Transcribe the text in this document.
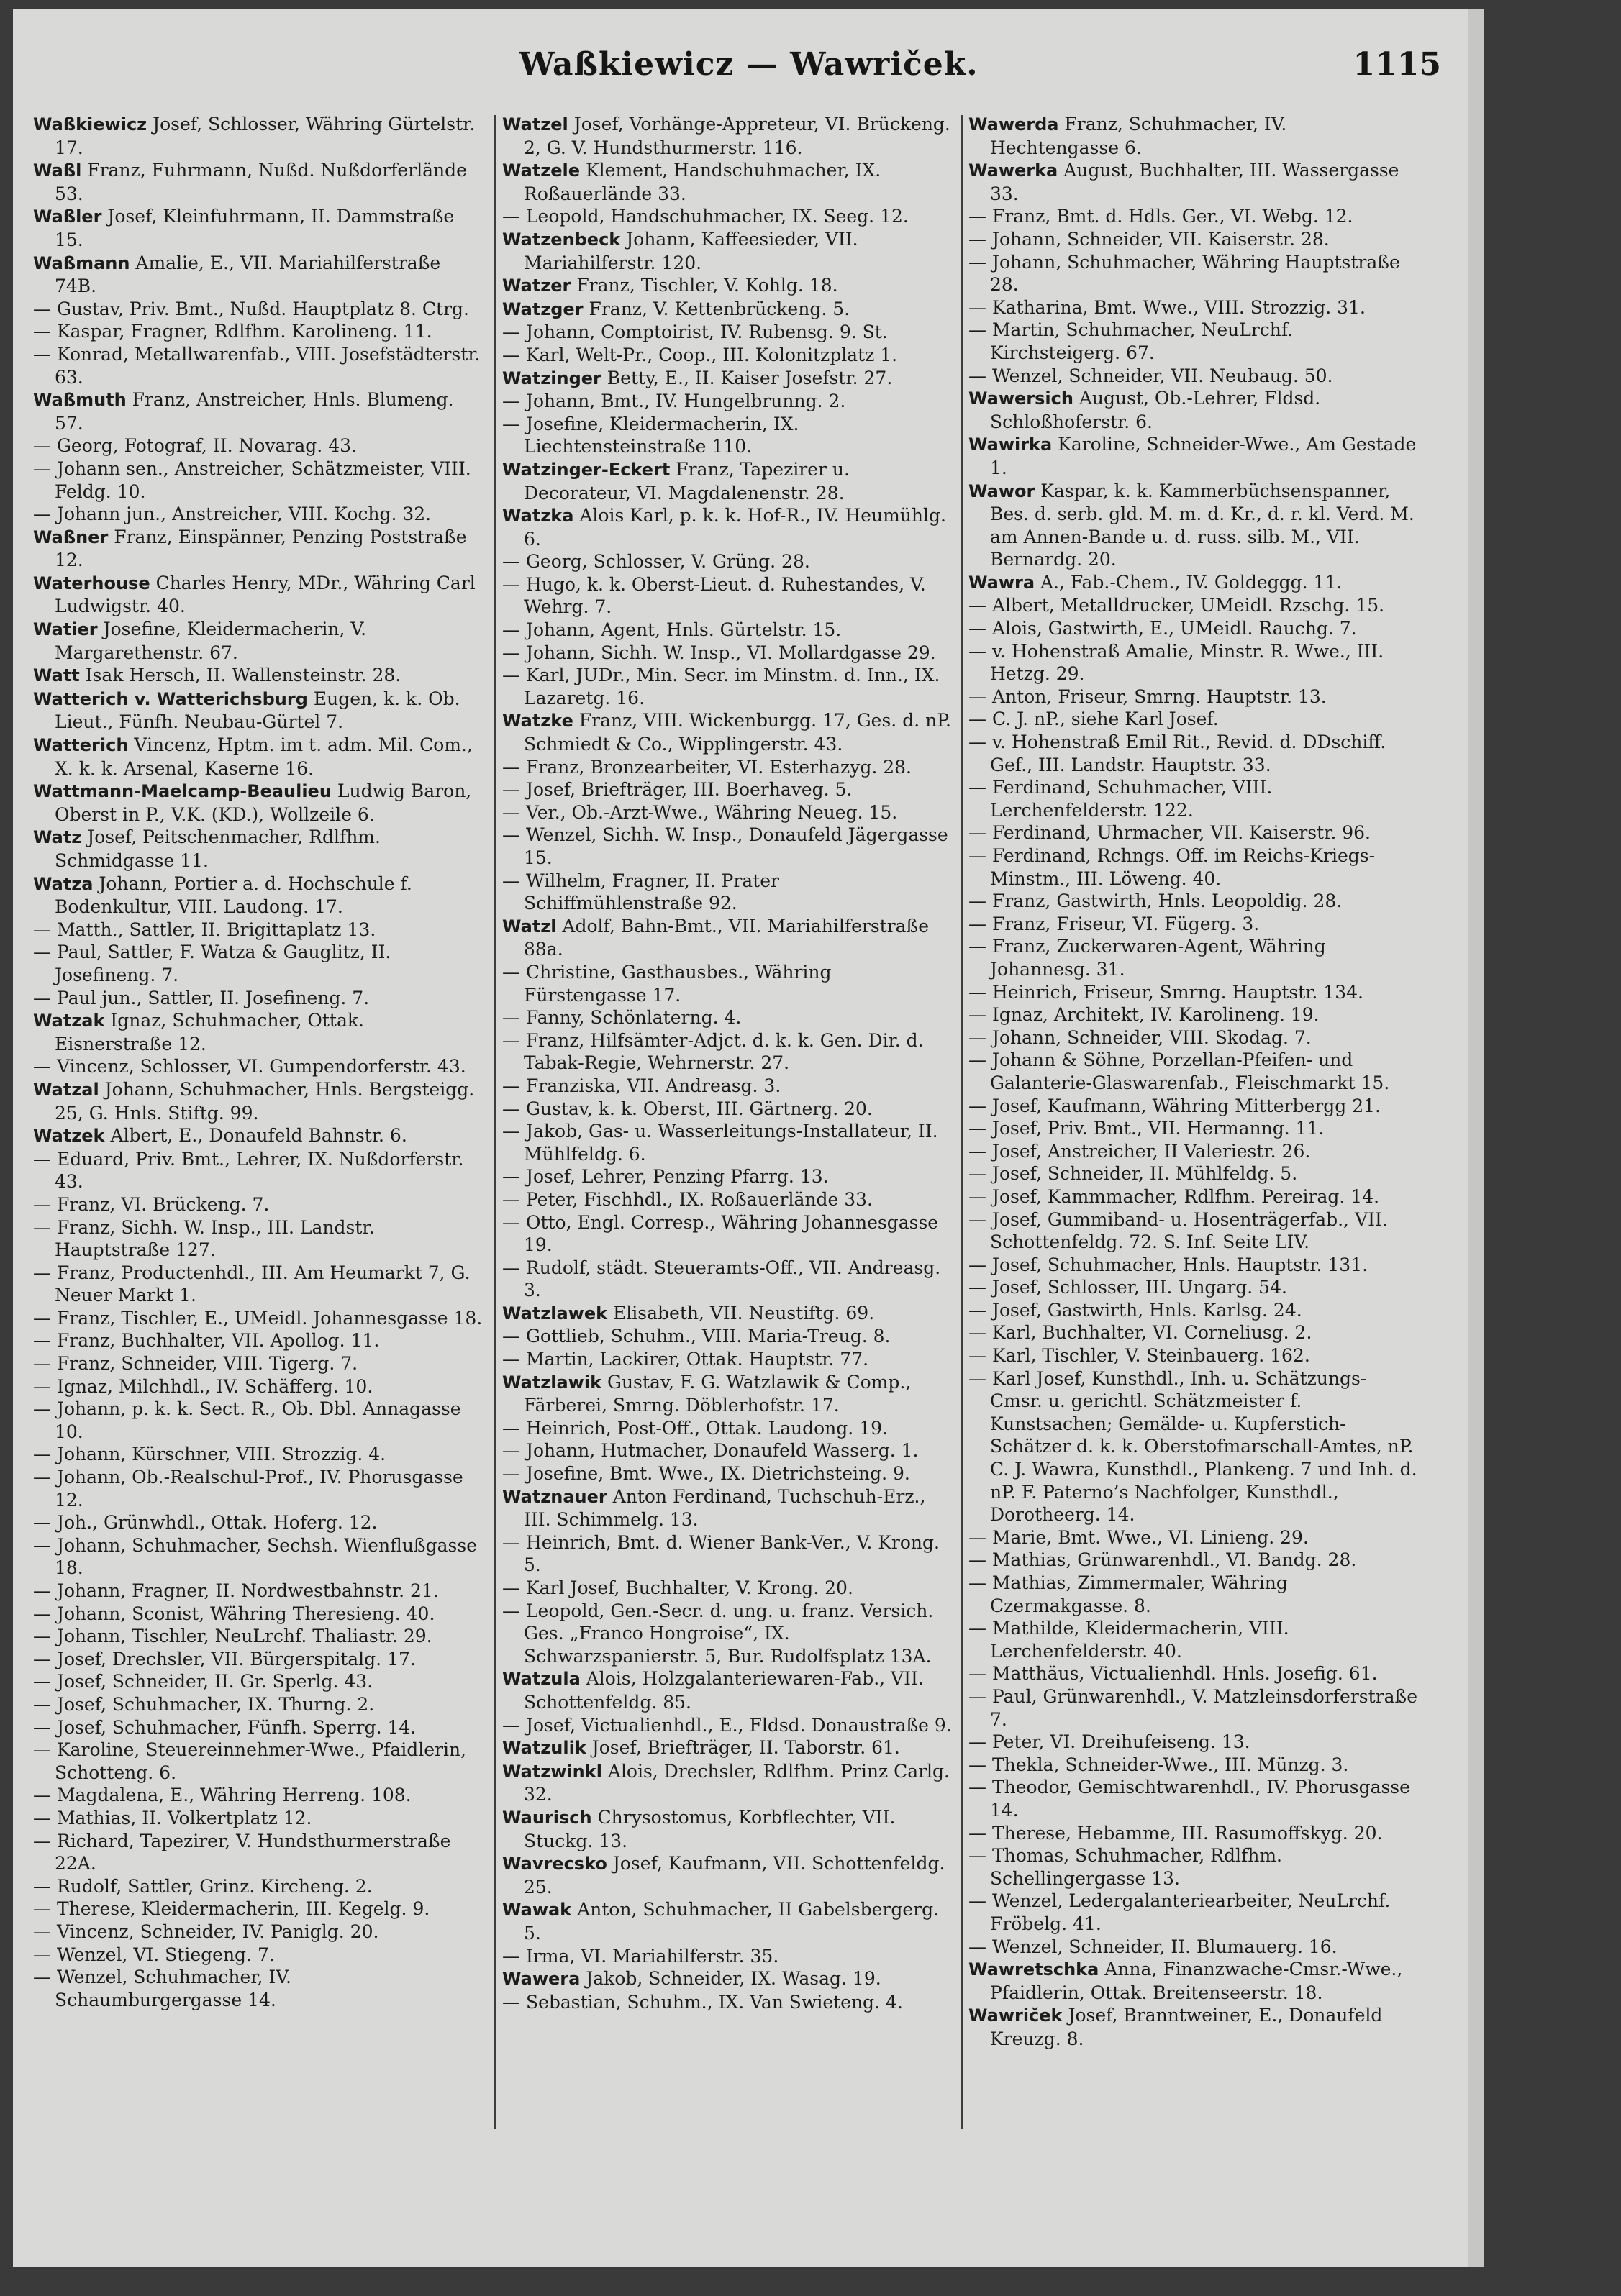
Waßkiewicz — Wawriček.	1115

Waßkiewicz Josef, Schlosser, Währing Gürtelstr. 17.

Waßl Franz, Fuhrmann, Nußd. Nußdorferlände 53.

Waßler Josef, Kleinfuhrmann, II. Dammstraße 15.

Waßmann Amalie, E., VII. Mariahilferstraße 74B.

— Gustav, Priv. Bmt., Nußd. Hauptplatz 8. Ctrg.

— Kaspar, Fragner, Rdlfhm. Karolineng. 11.

— Konrad, Metallwarenfab., VIII. Josefstädterstr. 63.

Waßmuth Franz, Anstreicher, Hnls. Blumeng. 57.

— Georg, Fotograf, II. Novarag. 43.

— Johann sen., Anstreicher, Schätzmeister, VIII. Feldg. 10.

— Johann jun., Anstreicher, VIII. Kochg. 32.

Waßner Franz, Einspänner, Penzing Poststraße 12.

Waterhouse Charles Henry, MDr., Währing Carl Ludwigstr. 40.

Watier Josefine, Kleidermacherin, V. Margarethenstr. 67.

Watt Isak Hersch, II. Wallensteinstr. 28.

Watterich v. Watterichsburg Eugen, k. k. Ob. Lieut., Fünfh. Neubau-Gürtel 7.

Watterich Vincenz, Hptm. im t. adm. Mil. Com., X. k. k. Arsenal, Kaserne 16.

Wattmann-Maelcamp-Beaulieu Ludwig Baron, Oberst in P., V.K. (KD.), Wollzeile 6.

Watz Josef, Peitschenmacher, Rdlfhm. Schmidgasse 11.

Watza Johann, Portier a. d. Hochschule f. Bodenkultur, VIII. Laudong. 17.

— Matth., Sattler, II. Brigittaplatz 13.

— Paul, Sattler, F. Watza & Gauglitz, II. Josefineng. 7.

— Paul jun., Sattler, II. Josefineng. 7.

Watzak Ignaz, Schuhmacher, Ottak. Eisnerstraße 12.

— Vincenz, Schlosser, VI. Gumpendorferstr. 43.

Watzal Johann, Schuhmacher, Hnls. Bergsteigg. 25, G. Hnls. Stiftg. 99.

Watzek Albert, E., Donaufeld Bahnstr. 6.

— Eduard, Priv. Bmt., Lehrer, IX. Nußdorferstr. 43.

— Franz, VI. Brückeng. 7.

— Franz, Sichh. W. Insp., III. Landstr. Hauptstraße 127.

— Franz, Productenhdl., III. Am Heumarkt 7, G. Neuer Markt 1.

— Franz, Tischler, E., UMeidl. Johannesgasse 18.

— Franz, Buchhalter, VII. Apollog. 11.

— Franz, Schneider, VIII. Tigerg. 7.

— Ignaz, Milchhdl., IV. Schäfferg. 10.

— Johann, p. k. k. Sect. R., Ob. Dbl. Annagasse 10.

— Johann, Kürschner, VIII. Strozzig. 4.

— Johann, Ob.-Realschul-Prof., IV. Phorusgasse 12.

— Joh., Grünwhdl., Ottak. Hoferg. 12.

— Johann, Schuhmacher, Sechsh. Wienflußgasse 18.

— Johann, Fragner, II. Nordwestbahnstr. 21.

— Johann, Sconist, Währing Theresieng. 40.

— Johann, Tischler, NeuLrchf. Thaliastr. 29.

— Josef, Drechsler, VII. Bürgerspitalg. 17.

— Josef, Schneider, II. Gr. Sperlg. 43.

— Josef, Schuhmacher, IX. Thurng. 2.

— Josef, Schuhmacher, Fünfh. Sperrg. 14.

— Karoline, Steuereinnehmer-Wwe., Pfaidlerin, Schotteng. 6.

— Magdalena, E., Währing Herreng. 108.

— Mathias, II. Volkertplatz 12.

— Richard, Tapezirer, V. Hundsthurmerstraße 22A.

— Rudolf, Sattler, Grinz. Kircheng. 2.

— Therese, Kleidermacherin, III. Kegelg. 9.

— Vincenz, Schneider, IV. Paniglg. 20.

— Wenzel, VI. Stiegeng. 7.

— Wenzel, Schuhmacher, IV. Schaumburgergasse 14.

Watzel Josef, Vorhänge-Appreteur, VI. Brückeng. 2, G. V. Hundsthurmerstr. 116.

Watzele Klement, Handschuhmacher, IX. Roßauerlände 33.

— Leopold, Handschuhmacher, IX. Seeg. 12.

Watzenbeck Johann, Kaffeesieder, VII. Mariahilferstr. 120.

Watzer Franz, Tischler, V. Kohlg. 18.

Watzger Franz, V. Kettenbrückeng. 5.

— Johann, Comptoirist, IV. Rubensg. 9. St.

— Karl, Welt-Pr., Coop., III. Kolonitzplatz 1.

Watzinger Betty, E., II. Kaiser Josefstr. 27.

— Johann, Bmt., IV. Hungelbrunng. 2.

— Josefine, Kleidermacherin, IX. Liechtensteinstraße 110.

Watzinger-Eckert Franz, Tapezirer u. Decorateur, VI. Magdalenenstr. 28.

Watzka Alois Karl, p. k. k. Hof-R., IV. Heumühlg. 6.

— Georg, Schlosser, V. Grüng. 28.

— Hugo, k. k. Oberst-Lieut. d. Ruhestandes, V. Wehrg. 7.

— Johann, Agent, Hnls. Gürtelstr. 15.

— Johann, Sichh. W. Insp., VI. Mollardgasse 29.

— Karl, JUDr., Min. Secr. im Minstm. d. Inn., IX. Lazaretg. 16.

Watzke Franz, VIII. Wickenburgg. 17, Ges. d. nP. Schmiedt & Co., Wipplingerstr. 43.

— Franz, Bronzearbeiter, VI. Esterhazyg. 28.

— Josef, Briefträger, III. Boerhaveg. 5.

— Ver., Ob.-Arzt-Wwe., Währing Neueg. 15.

— Wenzel, Sichh. W. Insp., Donaufeld Jägergasse 15.

— Wilhelm, Fragner, II. Prater Schiffmühlenstraße 92.

Watzl Adolf, Bahn-Bmt., VII. Mariahilferstraße 88a.

— Christine, Gasthausbes., Währing Fürstengasse 17.

— Fanny, Schönlaterng. 4.

— Franz, Hilfsämter-Adjct. d. k. k. Gen. Dir. d. Tabak-Regie, Wehrnerstr. 27.

— Franziska, VII. Andreasg. 3.

— Gustav, k. k. Oberst, III. Gärtnerg. 20.

— Jakob, Gas- u. Wasserleitungs-Installateur, II. Mühlfeldg. 6.

— Josef, Lehrer, Penzing Pfarrg. 13.

— Peter, Fischhdl., IX. Roßauerlände 33.

— Otto, Engl. Corresp., Währing Johannesgasse 19.

— Rudolf, städt. Steueramts-Off., VII. Andreasg. 3.

Watzlawek Elisabeth, VII. Neustiftg. 69.

— Gottlieb, Schuhm., VIII. Maria-Treug. 8.

— Martin, Lackirer, Ottak. Hauptstr. 77.

Watzlawik Gustav, F. G. Watzlawik & Comp., Färberei, Smrng. Döblerhofstr. 17.

— Heinrich, Post-Off., Ottak. Laudong. 19.

— Johann, Hutmacher, Donaufeld Wasserg. 1.

— Josefine, Bmt. Wwe., IX. Dietrichsteing. 9.

Watznauer Anton Ferdinand, Tuchschuh-Erz., III. Schimmelg. 13.

— Heinrich, Bmt. d. Wiener Bank-Ver., V. Krong. 5.

— Karl Josef, Buchhalter, V. Krong. 20.

— Leopold, Gen.-Secr. d. ung. u. franz. Versich. Ges. „Franco Hongroise“, IX. Schwarzspanierstr. 5, Bur. Rudolfsplatz 13A.

Watzula Alois, Holzgalanteriewaren-Fab., VII. Schottenfeldg. 85.

— Josef, Victualienhdl., E., Fldsd. Donaustraße 9.

Watzulik Josef, Briefträger, II. Taborstr. 61.

Watzwinkl Alois, Drechsler, Rdlfhm. Prinz Carlg. 32.

Waurisch Chrysostomus, Korbflechter, VII. Stuckg. 13.

Wavrecsko Josef, Kaufmann, VII. Schottenfeldg. 25.

Wawak Anton, Schuhmacher, II Gabelsbergerg. 5.

— Irma, VI. Mariahilferstr. 35.

Wawera Jakob, Schneider, IX. Wasag. 19.

— Sebastian, Schuhm., IX. Van Swieteng. 4.

Wawerda Franz, Schuhmacher, IV. Hechtengasse 6.

Wawerka August, Buchhalter, III. Wassergasse 33.

— Franz, Bmt. d. Hdls. Ger., VI. Webg. 12.

— Johann, Schneider, VII. Kaiserstr. 28.

— Johann, Schuhmacher, Währing Hauptstraße 28.

— Katharina, Bmt. Wwe., VIII. Strozzig. 31.

— Martin, Schuhmacher, NeuLrchf. Kirchsteigerg. 67.

— Wenzel, Schneider, VII. Neubaug. 50.

Wawersich August, Ob.-Lehrer, Fldsd. Schloßhoferstr. 6.

Wawirka Karoline, Schneider-Wwe., Am Gestade 1.

Wawor Kaspar, k. k. Kammerbüchsenspanner, Bes. d. serb. gld. M. m. d. Kr., d. r. kl. Verd. M. am Annen-Bande u. d. russ. silb. M., VII. Bernardg. 20.

Wawra A., Fab.-Chem., IV. Goldeggg. 11.

— Albert, Metalldrucker, UMeidl. Rzschg. 15.

— Alois, Gastwirth, E., UMeidl. Rauchg. 7.

— v. Hohenstraß Amalie, Minstr. R. Wwe., III. Hetzg. 29.

— Anton, Friseur, Smrng. Hauptstr. 13.

— C. J. nP., siehe Karl Josef.

— v. Hohenstraß Emil Rit., Revid. d. DDschiff. Gef., III. Landstr. Hauptstr. 33.

— Ferdinand, Schuhmacher, VIII. Lerchenfelderstr. 122.

— Ferdinand, Uhrmacher, VII. Kaiserstr. 96.

— Ferdinand, Rchngs. Off. im Reichs-Kriegs-Minstm., III. Löweng. 40.

— Franz, Gastwirth, Hnls. Leopoldig. 28.

— Franz, Friseur, VI. Fügerg. 3.

— Franz, Zuckerwaren-Agent, Währing Johannesg. 31.

— Heinrich, Friseur, Smrng. Hauptstr. 134.

— Ignaz, Architekt, IV. Karolineng. 19.

— Johann, Schneider, VIII. Skodag. 7.

— Johann & Söhne, Porzellan-Pfeifen- und Galanterie-Glaswarenfab., Fleischmarkt 15.

— Josef, Kaufmann, Währing Mitterbergg 21.

— Josef, Priv. Bmt., VII. Hermanng. 11.

— Josef, Anstreicher, II Valeriestr. 26.

— Josef, Schneider, II. Mühlfeldg. 5.

— Josef, Kammmacher, Rdlfhm. Pereirag. 14.

— Josef, Gummiband- u. Hosenträgerfab., VII. Schottenfeldg. 72. S. Inf. Seite LIV.

— Josef, Schuhmacher, Hnls. Hauptstr. 131.

— Josef, Schlosser, III. Ungarg. 54.

— Josef, Gastwirth, Hnls. Karlsg. 24.

— Karl, Buchhalter, VI. Corneliusg. 2.

— Karl, Tischler, V. Steinbauerg. 162.

— Karl Josef, Kunsthdl., Inh. u. Schätzungs-Cmsr. u. gerichtl. Schätzmeister f. Kunstsachen; Gemälde- u. Kupferstich-Schätzer d. k. k. Oberstofmarschall-Amtes, nP. C. J. Wawra, Kunsthdl., Plankeng. 7 und Inh. d. nP. F. Paterno’s Nachfolger, Kunsthdl., Dorotheerg. 14.

— Marie, Bmt. Wwe., VI. Linieng. 29.

— Mathias, Grünwarenhdl., VI. Bandg. 28.

— Mathias, Zimmermaler, Währing Czermakgasse. 8.

— Mathilde, Kleidermacherin, VIII. Lerchenfelderstr. 40.

— Matthäus, Victualienhdl. Hnls. Josefig. 61.

— Paul, Grünwarenhdl., V. Matzleinsdorferstraße 7.

— Peter, VI. Dreihufeiseng. 13.

— Thekla, Schneider-Wwe., III. Münzg. 3.

— Theodor, Gemischtwarenhdl., IV. Phorusgasse 14.

— Therese, Hebamme, III. Rasumoffskyg. 20.

— Thomas, Schuhmacher, Rdlfhm. Schellingergasse 13.

— Wenzel, Ledergalanteriearbeiter, NeuLrchf. Fröbelg. 41.

— Wenzel, Schneider, II. Blumauerg. 16.

Wawretschka Anna, Finanzwache-Cmsr.-Wwe., Pfaidlerin, Ottak. Breitenseerstr. 18.

Wawriček Josef, Branntweiner, E., Donaufeld Kreuzg. 8.
